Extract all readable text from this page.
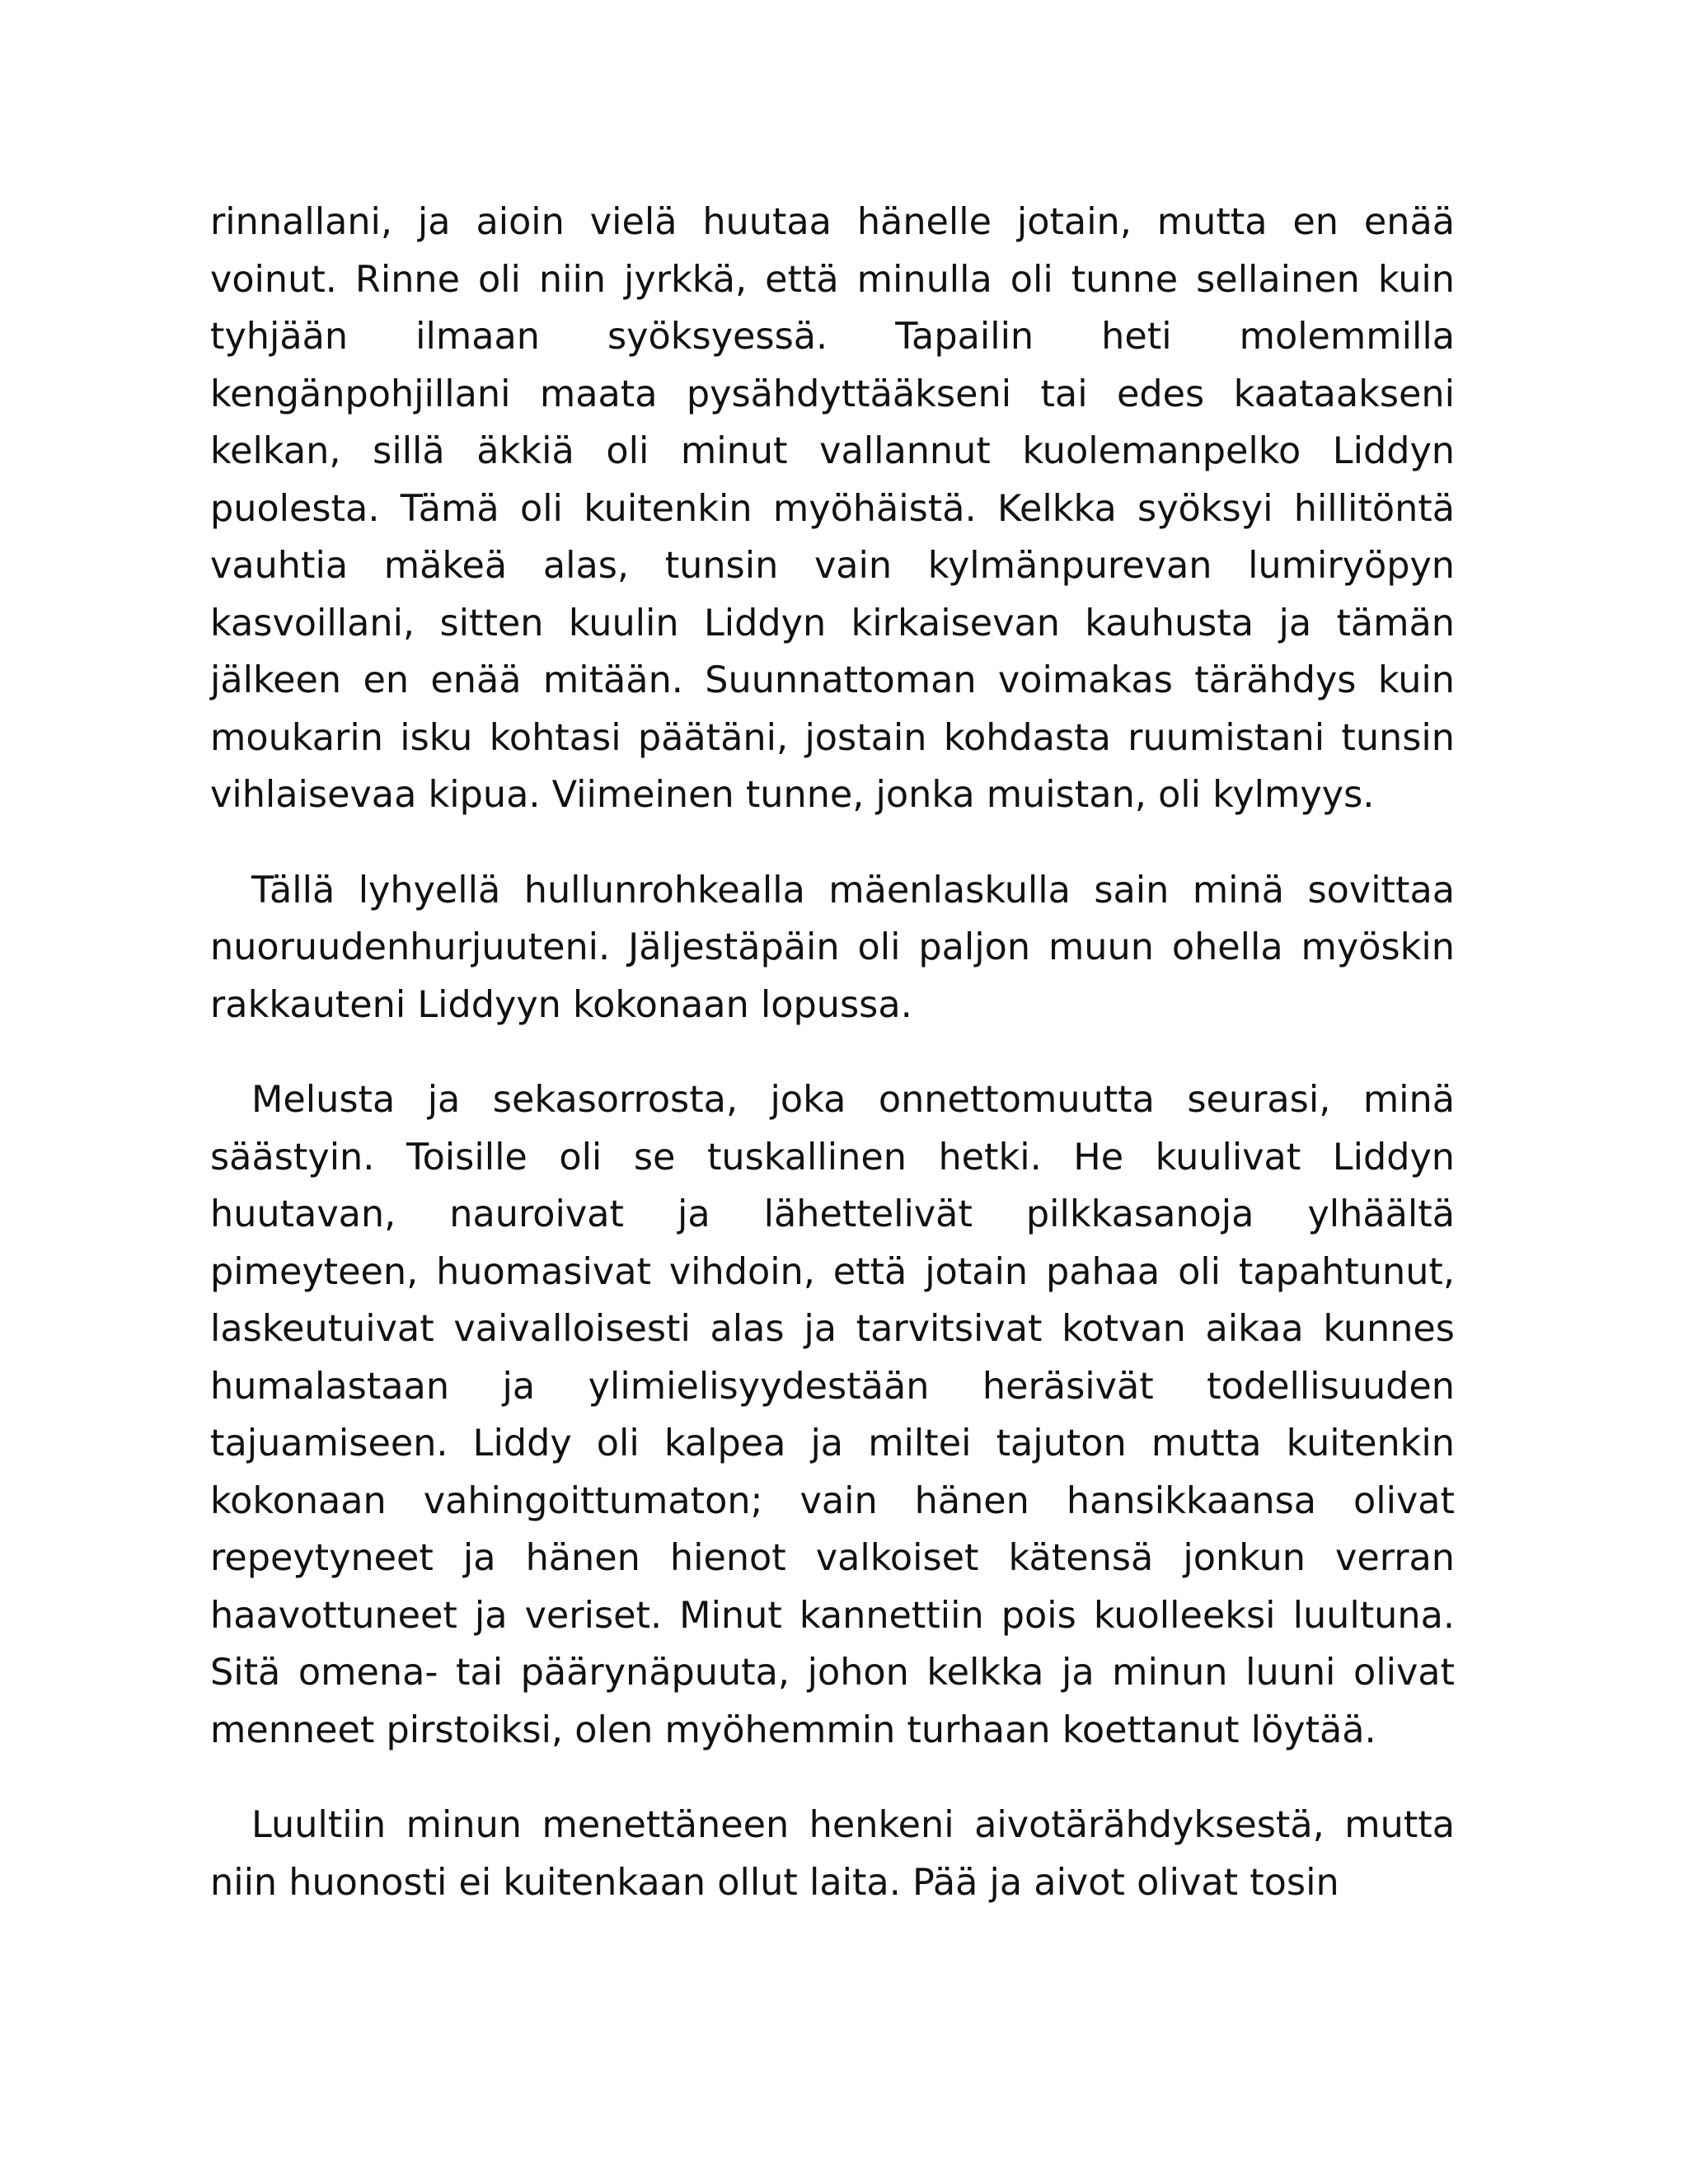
rinnallani, ja aioin vielä huutaa hänelle jotain, mutta en enää voinut. Rinne oli niin jyrkkä, että minulla oli tunne sellainen kuin tyhjään ilmaan syöksyessä. Tapailin heti molemmilla kengänpohjillani maata pysähdyttääkseni tai edes kaataakseni kelkan, sillä äkkiä oli minut vallannut kuolemanpelko Liddyn puolesta. Tämä oli kuitenkin myöhäistä. Kelkka syöksyi hillitöntä vauhtia mäkeä alas, tunsin vain kylmänpurevan lumiryöpyn kasvoillani, sitten kuulin Liddyn kirkaisevan kauhusta ja tämän jälkeen en enää mitään. Suunnattoman voimakas tärähdys kuin moukarin isku kohtasi päätäni, jostain kohdasta ruumistani tunsin vihlaisevaa kipua. Viimeinen tunne, jonka muistan, oli kylmyys.

Tällä lyhyellä hullunrohkealla mäenlaskulla sain minä sovittaa nuoruudenhurjuuteni. Jäljestäpäin oli paljon muun ohella myöskin rakkauteni Liddyyn kokonaan lopussa.

Melusta ja sekasorrosta, joka onnettomuutta seurasi, minä säästyin. Toisille oli se tuskallinen hetki. He kuulivat Liddyn huutavan, nauroivat ja lähettelivät pilkkasanoja ylhäältä pimeyteen, huomasivat vihdoin, että jotain pahaa oli tapahtunut, laskeutuivat vaivalloisesti alas ja tarvitsivat kotvan aikaa kunnes humalastaan ja ylimielisyydestään heräsivät todellisuuden tajuamiseen. Liddy oli kalpea ja miltei tajuton mutta kuitenkin kokonaan vahingoittumaton; vain hänen hansikkaansa olivat repeytyneet ja hänen hienot valkoiset kätensä jonkun verran haavottuneet ja veriset. Minut kannettiin pois kuolleeksi luultuna. Sitä omena- tai päärynäpuuta, johon kelkka ja minun luuni olivat menneet pirstoiksi, olen myöhemmin turhaan koettanut löytää.

Luultiin minun menettäneen henkeni aivotärähdyksestä, mutta niin huonosti ei kuitenkaan ollut laita. Pää ja aivot olivat tosin
